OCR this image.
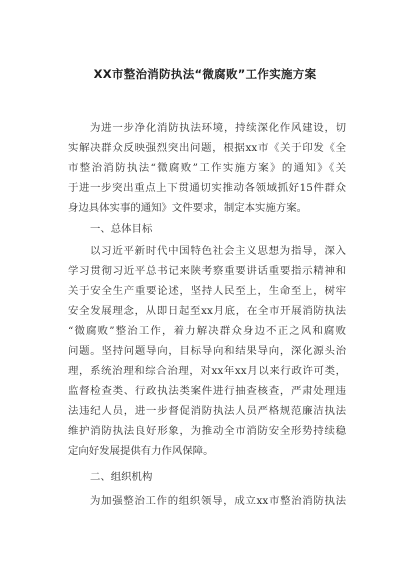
XX市整治消防执法“微腐败”工作实施方案
为进一步净化消防执法环境，持续深化作风建设，切
实解决群众反映强烈突出问题，根据xx市《关于印发《全
市整治消防执法“微腐败”工作实施方案》的通知》《关
于进一步突出重点上下贯通切实推动各领域抓好15件群众
身边具体实事的通知》文件要求，制定本实施方案。
一、总体目标
以习近平新时代中国特色社会主义思想为指导，深入
学习贯彻习近平总书记来陕考察重要讲话重要指示精神和
关于安全生产重要论述，坚持人民至上，生命至上，树牢
安全发展理念，从即日起至xx月底，在全市开展消防执法
“微腐败”整治工作，着力解决群众身边不正之风和腐败
问题。坚持问题导向，目标导向和结果导向，深化源头治
理，系统治理和综合治理，对xx年xx月以来行政许可类，
监督检查类、行政执法类案件进行抽查核查，严肃处理违
法违纪人员，进一步督促消防执法人员严格规范廉洁执法
维护消防执法良好形象，为推动全市消防安全形势持续稳
定向好发展提供有力作风保障。
二、组织机构
为加强整治工作的组织领导，成立xx市整治消防执法
